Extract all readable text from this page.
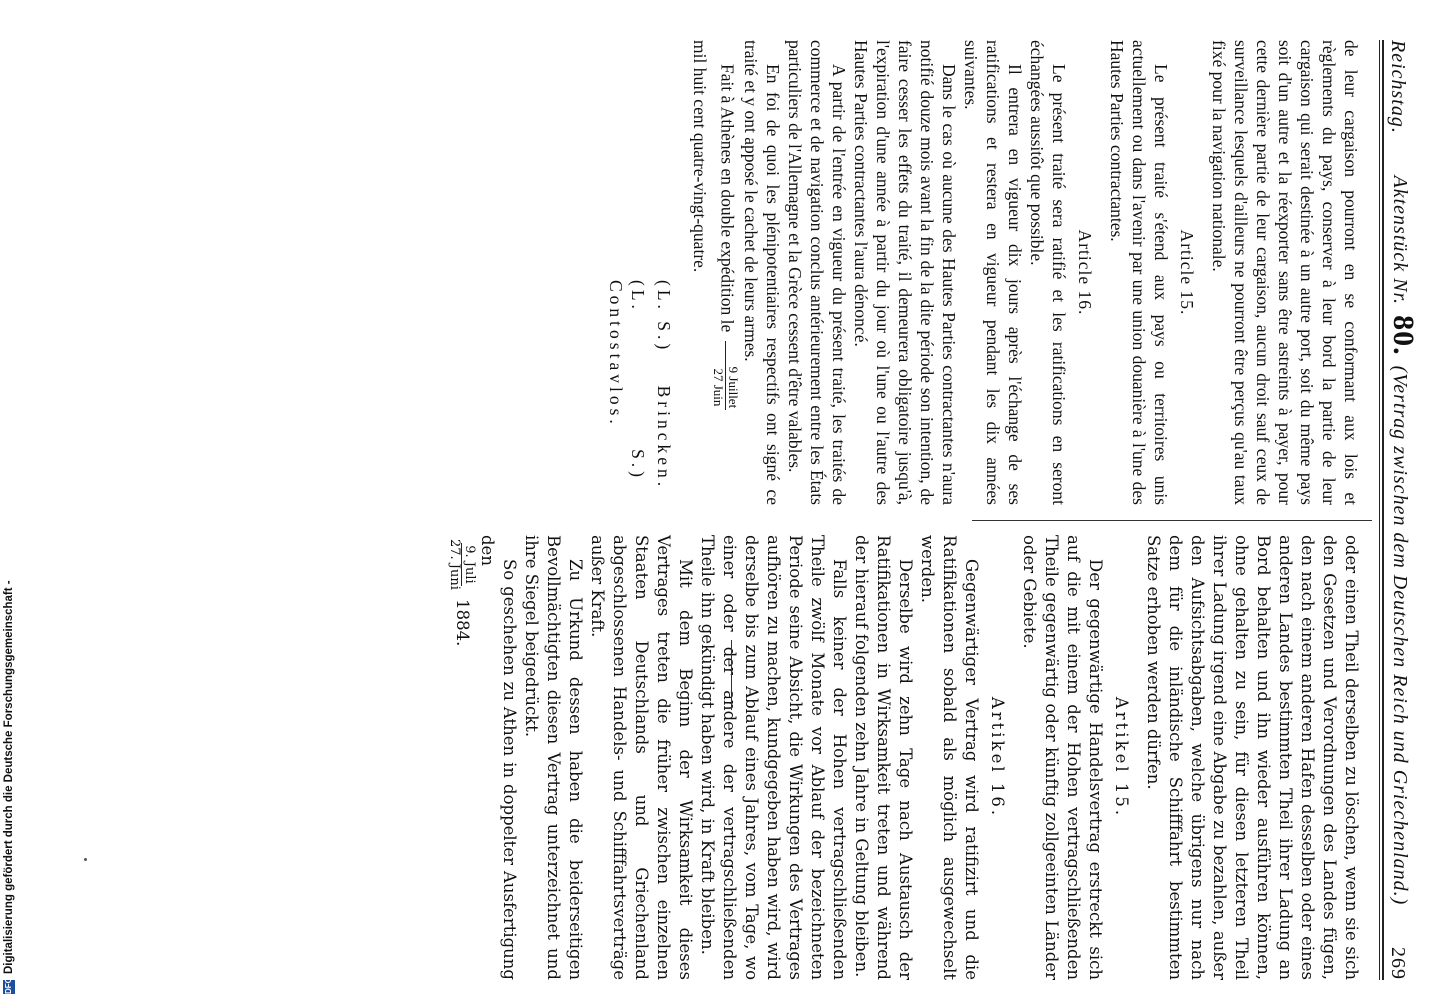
Reichstag.
Aktenstück Nr. 80. (Vertrag zwischen dem Deutschen Reich und Griechenland.)
269

de leur cargaison pourront en se conformant aux lois et règlements du pays, conserver à leur bord la partie de leur cargaison qui serait destinée à un autre port, soit du même pays soit d'un autre et la réexporter sans être astreints à payer, pour cette dernière partie de leur cargaison, aucun droit sauf ceux de surveillance lesquels d'ailleurs ne pourront être perçus qu'au taux fixé pour la navigation nationale.

Article 15.

Le présent traité s'étend aux pays ou territoires unis actuellement ou dans l'avenir par une union douanière à l'une des Hautes Parties contractantes.

Article 16.

Le présent traité sera ratifié et les ratifications en seront échangées aussitôt que possible.

Il entrera en vigueur dix jours après l'échange de ses ratifications et restera en vigueur pendant les dix années suivantes.

Dans le cas où aucune des Hautes Parties contractantes n'aura notifié douze mois avant la fin de la dite période son intention, de faire cesser les effets du traité, il demeurera obligatoire jusqu'à, l'expiration d'une année à partir du jour où l'une ou l'autre des Hautes Parties contractantes l'aura dénoncé.

A partir de l'entrée en vigueur du présent traité, les traités de commerce et de navigation conclus antérieurement entre les États particuliers de l'Allemagne et la Grèce cessent d'être valables.

En foi de quoi les plénipotentiaires respectifs ont signé ce traité et y ont apposé le cachet de leurs armes.

Fait à Athènes en double expédition le
9 Juillet
27 Juin

mil huit cent quatre-vingt-quatre.

(L. S.) Brincken.
(L. S.) Contostavlos.

oder einen Theil derselben zu löschen, wenn sie sich den Gesetzen und Verordnungen des Landes fügen, den nach einem anderen Hafen desselben oder eines anderen Landes bestimmten Theil ihrer Ladung an Bord behalten und ihn wieder ausführen können, ohne gehalten zu sein, für diesen letzteren Theil ihrer Ladung irgend eine Abgabe zu bezahlen, außer den Aufsichtsabgaben, welche übrigens nur nach dem für die inländische Schifffahrt bestimmten Satze erhoben werden dürfen.

Artikel 15.

Der gegenwärtige Handelsvertrag erstreckt sich auf die mit einem der Hohen vertragschließenden Theile gegenwärtig oder künftig zollgeeinten Länder oder Gebiete.

Artikel 16.

Gegenwärtiger Vertrag wird ratifizirt und die Ratifikationen sobald als möglich ausgewechselt werden.

Derselbe wird zehn Tage nach Austausch der Ratifikationen in Wirksamkeit treten und während der hierauf folgenden zehn Jahre in Geltung bleiben.

Falls keiner der Hohen vertragschließenden Theile zwölf Monate vor Ablauf der bezeichneten Periode seine Absicht, die Wirkungen des Vertrages aufhören zu machen, kundgegeben haben wird, wird derselbe bis zum Ablauf eines Jahres, vom Tage, wo einer oder der andere der vertragschließenden Theile ihn gekündigt haben wird, in Kraft bleiben.

Mit dem Beginn der Wirksamkeit dieses Vertrages treten die früher zwischen einzelnen Staaten Deutschlands und Griechenland abgeschlossenen Handels- und Schifffahrtsverträge außer Kraft.

Zu Urkund dessen haben die beiderseitigen Bevollmächtigten diesen Vertrag unterzeichnet und ihre Siegel beigedrückt.

So geschehen zu Athen in doppelter Ausfertigung den

9. Juli
27. Juni
1884.

DFG
Digitalisierung gefördert durch die Deutsche Forschungsgemeinschaft -
